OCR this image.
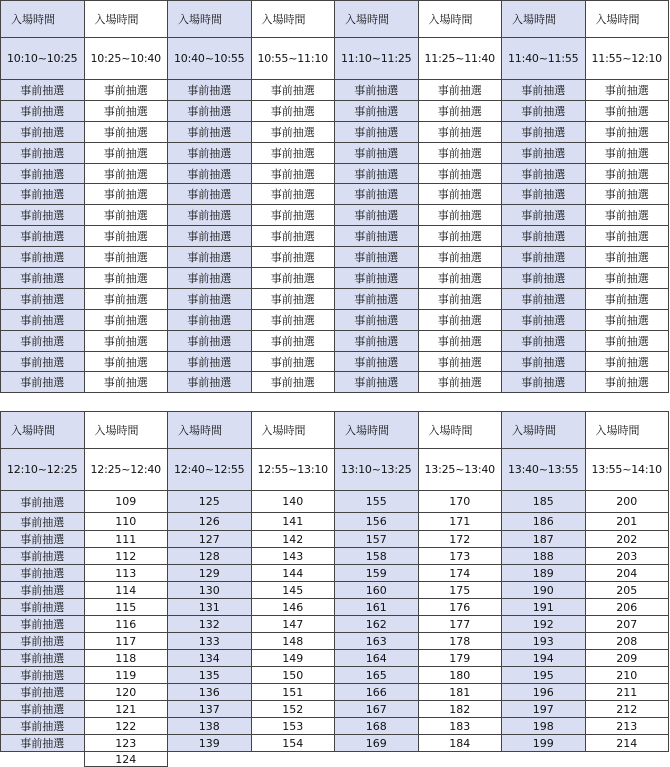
入場時間	入場時間	入場時間	入場時間	入場時間	入場時間	入場時間	入場時間
10:10~10:25	10:25~10:40	10:40~10:55	10:55~11:10	11:10~11:25	11:25~11:40	11:40~11:55	11:55~12:10
事前抽選	事前抽選	事前抽選	事前抽選	事前抽選	事前抽選	事前抽選	事前抽選
事前抽選	事前抽選	事前抽選	事前抽選	事前抽選	事前抽選	事前抽選	事前抽選
事前抽選	事前抽選	事前抽選	事前抽選	事前抽選	事前抽選	事前抽選	事前抽選
事前抽選	事前抽選	事前抽選	事前抽選	事前抽選	事前抽選	事前抽選	事前抽選
事前抽選	事前抽選	事前抽選	事前抽選	事前抽選	事前抽選	事前抽選	事前抽選
事前抽選	事前抽選	事前抽選	事前抽選	事前抽選	事前抽選	事前抽選	事前抽選
事前抽選	事前抽選	事前抽選	事前抽選	事前抽選	事前抽選	事前抽選	事前抽選
事前抽選	事前抽選	事前抽選	事前抽選	事前抽選	事前抽選	事前抽選	事前抽選
事前抽選	事前抽選	事前抽選	事前抽選	事前抽選	事前抽選	事前抽選	事前抽選
事前抽選	事前抽選	事前抽選	事前抽選	事前抽選	事前抽選	事前抽選	事前抽選
事前抽選	事前抽選	事前抽選	事前抽選	事前抽選	事前抽選	事前抽選	事前抽選
事前抽選	事前抽選	事前抽選	事前抽選	事前抽選	事前抽選	事前抽選	事前抽選
事前抽選	事前抽選	事前抽選	事前抽選	事前抽選	事前抽選	事前抽選	事前抽選
事前抽選	事前抽選	事前抽選	事前抽選	事前抽選	事前抽選	事前抽選	事前抽選
事前抽選	事前抽選	事前抽選	事前抽選	事前抽選	事前抽選	事前抽選	事前抽選
入場時間	入場時間	入場時間	入場時間	入場時間	入場時間	入場時間	入場時間
12:10~12:25	12:25~12:40	12:40~12:55	12:55~13:10	13:10~13:25	13:25~13:40	13:40~13:55	13:55~14:10
事前抽選	109	125	140	155	170	185	200
事前抽選	110	126	141	156	171	186	201
事前抽選	111	127	142	157	172	187	202
事前抽選	112	128	143	158	173	188	203
事前抽選	113	129	144	159	174	189	204
事前抽選	114	130	145	160	175	190	205
事前抽選	115	131	146	161	176	191	206
事前抽選	116	132	147	162	177	192	207
事前抽選	117	133	148	163	178	193	208
事前抽選	118	134	149	164	179	194	209
事前抽選	119	135	150	165	180	195	210
事前抽選	120	136	151	166	181	196	211
事前抽選	121	137	152	167	182	197	212
事前抽選	122	138	153	168	183	198	213
事前抽選	123	139	154	169	184	199	214
	124						
